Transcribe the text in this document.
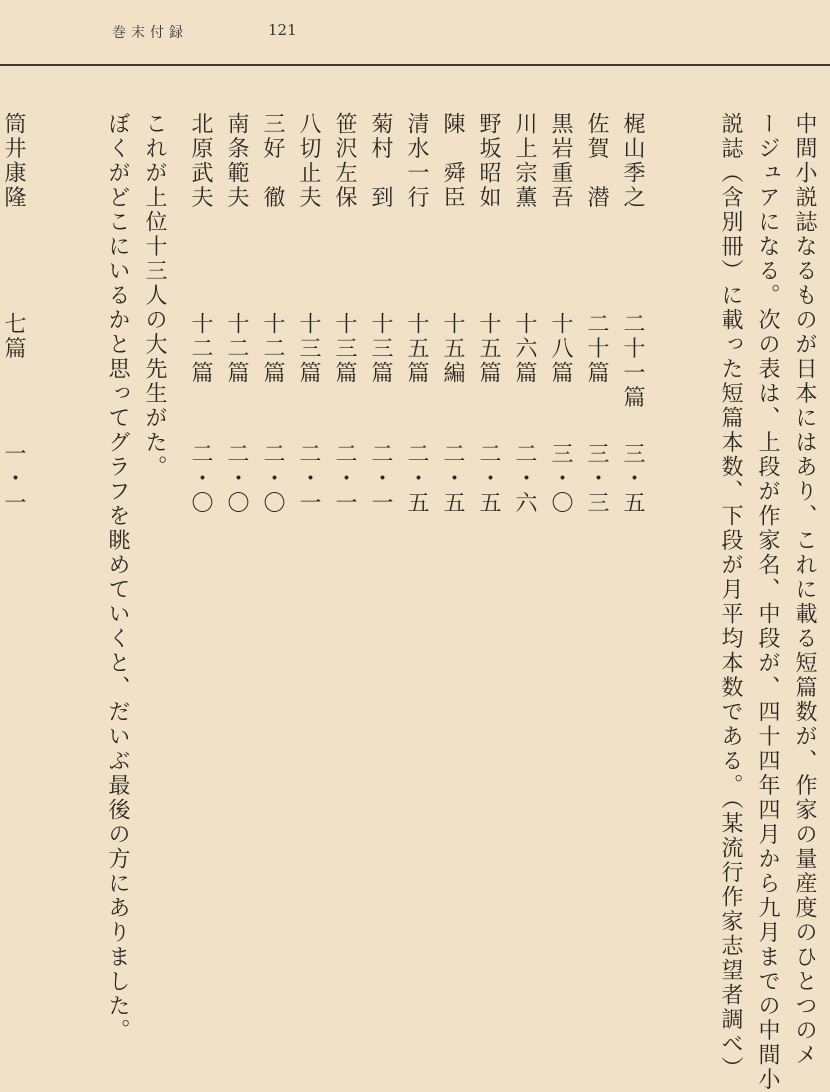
巻末付録	121
中間小説誌なるものが日本にはあり、これに載る短篇数が、作家の量産度のひとつのメ
ージュアになる。次の表は、上段が作家名、中段が、四十四年四月から九月までの中間小
説誌（含別冊）に載った短篇本数、下段が月平均本数である。（某流行作家志望者調べ）
梶山季之
二十一篇
三・五
佐賀　潜
二十篇
三・三
黒岩重吾
十八篇
三・〇
川上宗薫
十六篇
二・六
野坂昭如
十五篇
二・五
陳　舜臣
十五編
二・五
清水一行
十五篇
二・五
菊村　到
十三篇
二・一
笹沢左保
十三篇
二・一
八切止夫
十三篇
二・一
三好　徹
十二篇
二・〇
南条範夫
十二篇
二・〇
北原武夫
十二篇
二・〇
これが上位十三人の大先生がた。
ぼくがどこにいるかと思ってグラフを眺めていくと、だいぶ最後の方にありました。
筒井康隆
七篇
一・一
